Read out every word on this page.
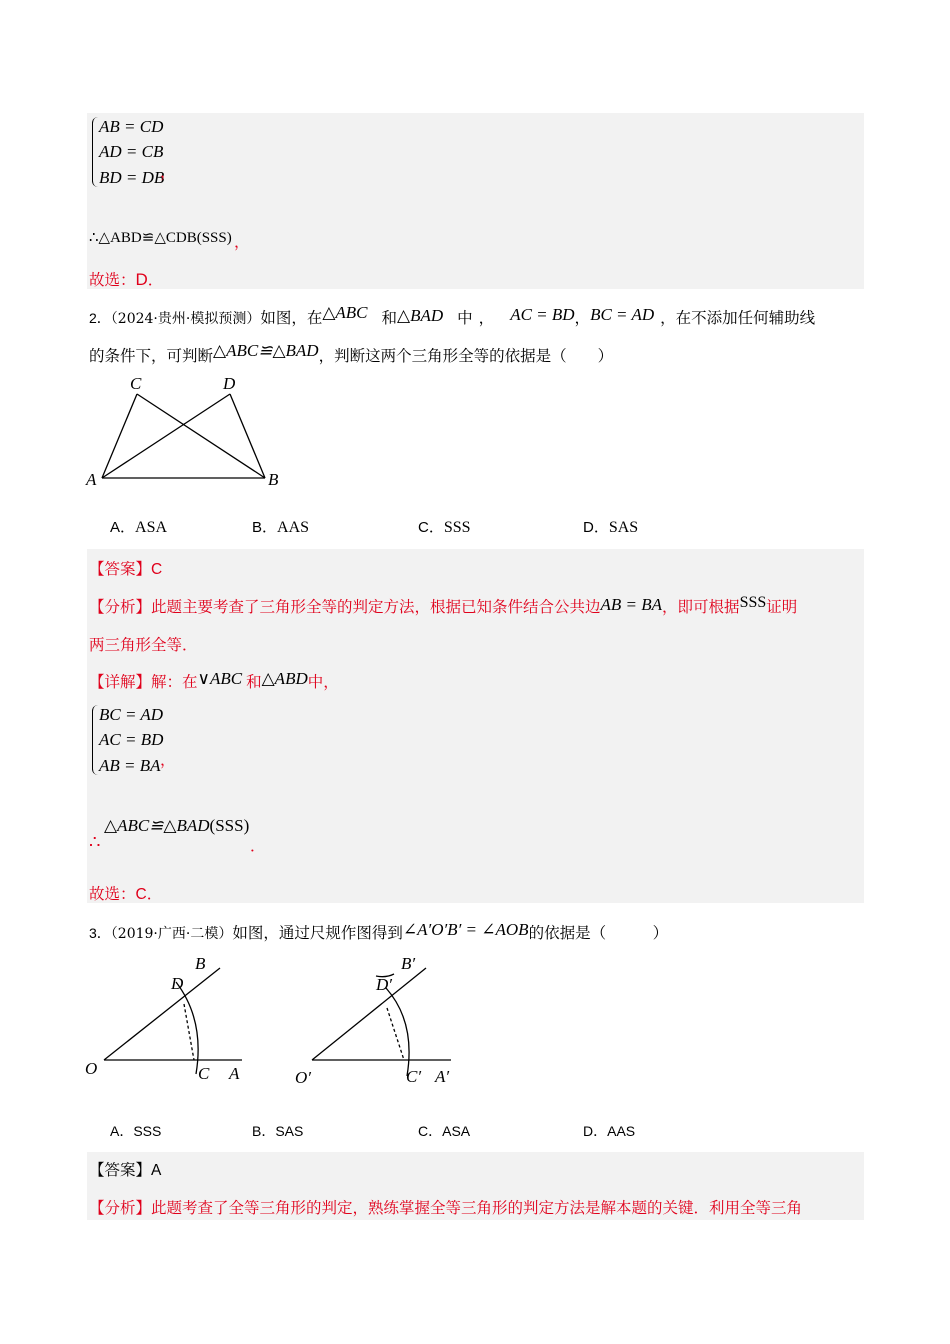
AB = CD
AD = CB
BD = DB
，
∴△ABD≌△CDB(SSS) ，
故选：D．
2．（2024·贵州·模拟预测）如图，在△ABC 和△BAD 中， AC = BD，BC = AD ，在不添加任何辅助线
的条件下，可判断△ABC≌△BAD，判断这两个三角形全等的依据是（　　）
A	B
C	D
A．ASA	B．AAS	C．SSS	D．SAS
【答案】C
【分析】此题主要考查了三角形全等的判定方法，根据已知条件结合公共边AB = BA，即可根据SSS证明
两三角形全等．
【详解】解：在∨ABC 和△ABD中，
BC = AD
AC = BD
AB = BA ，
∴
△ABC≌△BAD(SSS)
．
故选：C．
3．（2019·广西·二模）如图，通过尺规作图得到∠A′O′B′ = ∠AOB的依据是（　　　）
O	C A
B
D
O′	C′ A′
B′
D′
A．SSS	B．SAS	C．ASA	D．AAS
【答案】A
【分析】此题考查了全等三角形的判定，熟练掌握全等三角形的判定方法是解本题的关键．利用全等三角
